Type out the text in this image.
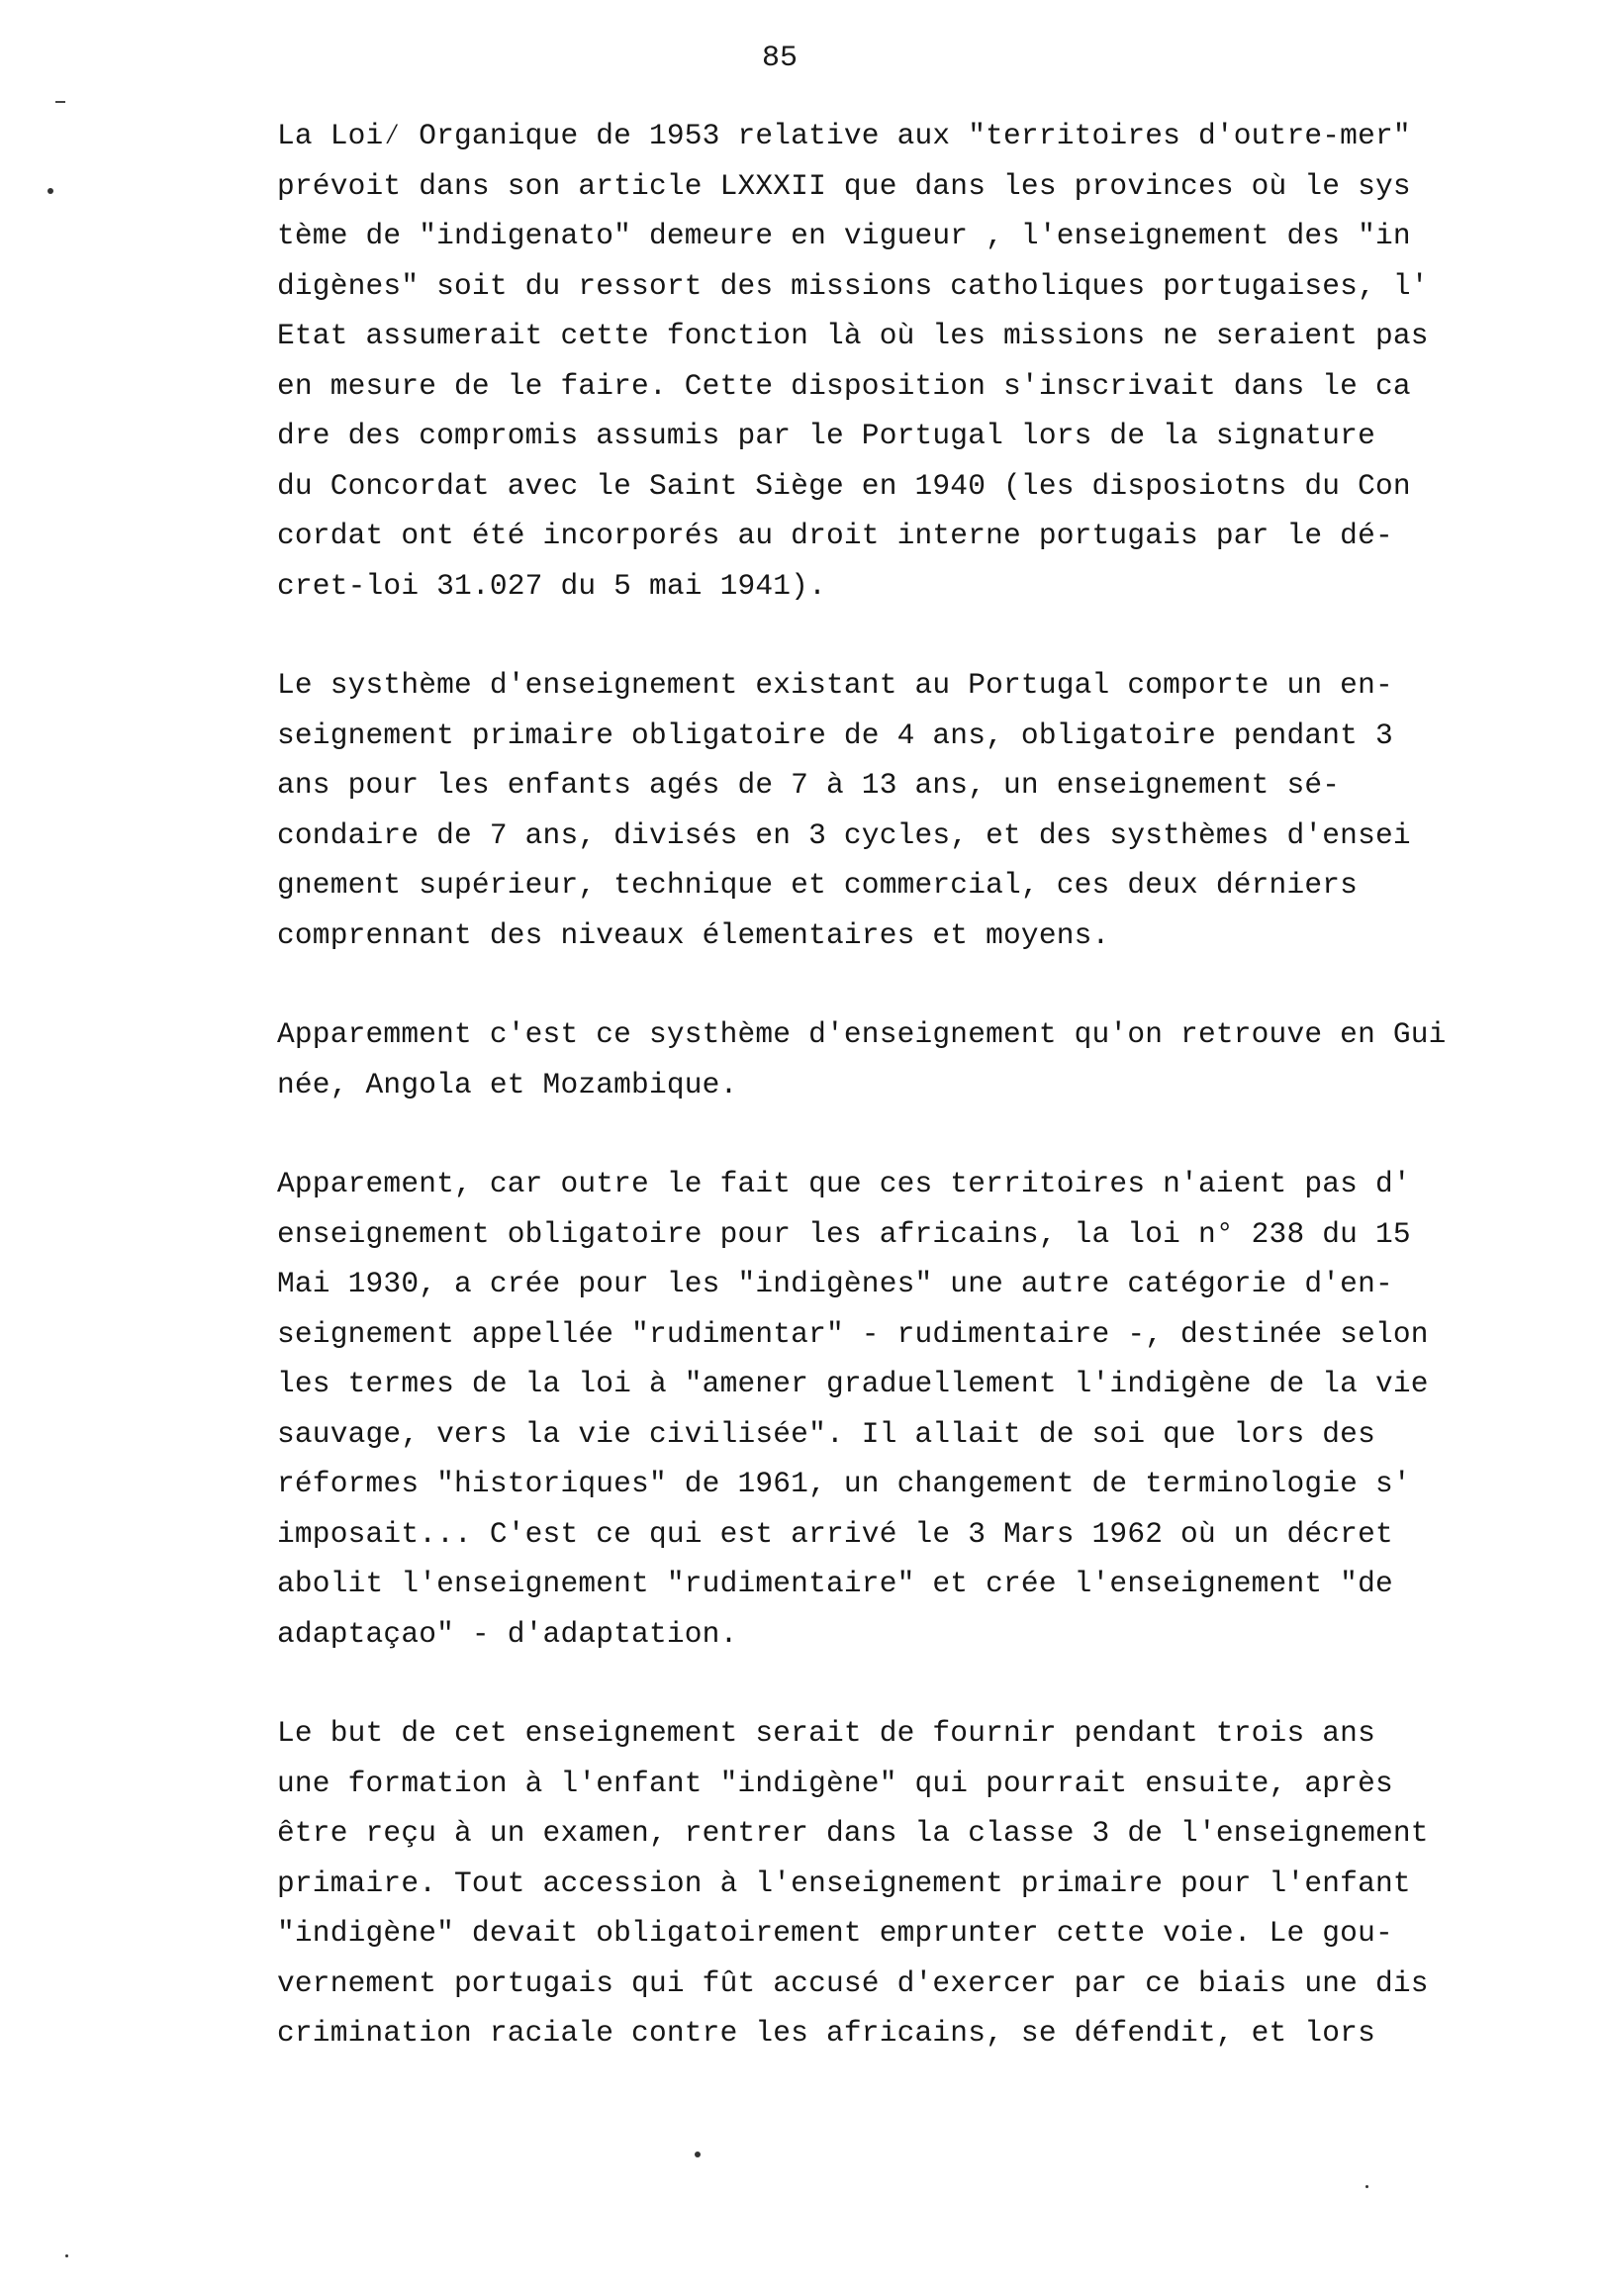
85
La Loi⁄ Organique de 1953 relative aux "territoires d'outre-mer"
prévoit dans son article LXXXII que dans les provinces où le sys
tème de "indigenato" demeure en vigueur , l'enseignement des "in
digènes" soit du ressort des missions catholiques portugaises, l'
Etat assumerait cette fonction là où les missions ne seraient pas
en mesure de le faire. Cette disposition s'inscrivait dans le ca
dre des compromis assumis par le Portugal lors de la signature
du Concordat avec le Saint Siège en 1940 (les disposiotns du Con
cordat ont été incorporés au droit interne portugais par le dé-
cret-loi 31.027 du 5 mai 1941).
Le systhème d'enseignement existant au Portugal comporte un en-
seignement primaire obligatoire de 4 ans, obligatoire pendant 3
ans pour les enfants agés de 7 à 13 ans, un enseignement sé-
condaire de 7 ans, divisés en 3 cycles, et des systhèmes d'ensei
gnement supérieur, technique et commercial, ces deux dérniers
comprennant des niveaux élementaires et moyens.
Apparemment c'est ce systhème d'enseignement qu'on retrouve en Gui
née, Angola et Mozambique.
Apparement, car outre le fait que ces territoires n'aient pas d'
enseignement obligatoire pour les africains, la loi n° 238 du 15
Mai 1930, a crée pour les "indigènes" une autre catégorie d'en-
seignement appellée "rudimentar" - rudimentaire -, destinée selon
les termes de la loi à "amener graduellement l'indigène de la vie
sauvage, vers la vie civilisée". Il allait de soi que lors des
réformes "historiques" de 1961, un changement de terminologie s'
imposait... C'est ce qui est arrivé le 3 Mars 1962 où un décret
abolit l'enseignement "rudimentaire" et crée l'enseignement "de
adaptaçao" - d'adaptation.
Le but de cet enseignement serait de fournir pendant trois ans
une formation à l'enfant "indigène" qui pourrait ensuite, après
être reçu à un examen, rentrer dans la classe 3 de l'enseignement
primaire. Tout accession à l'enseignement primaire pour l'enfant
"indigène" devait obligatoirement emprunter cette voie. Le gou-
vernement portugais qui fût accusé d'exercer par ce biais une dis
crimination raciale contre les africains, se défendit, et lors
